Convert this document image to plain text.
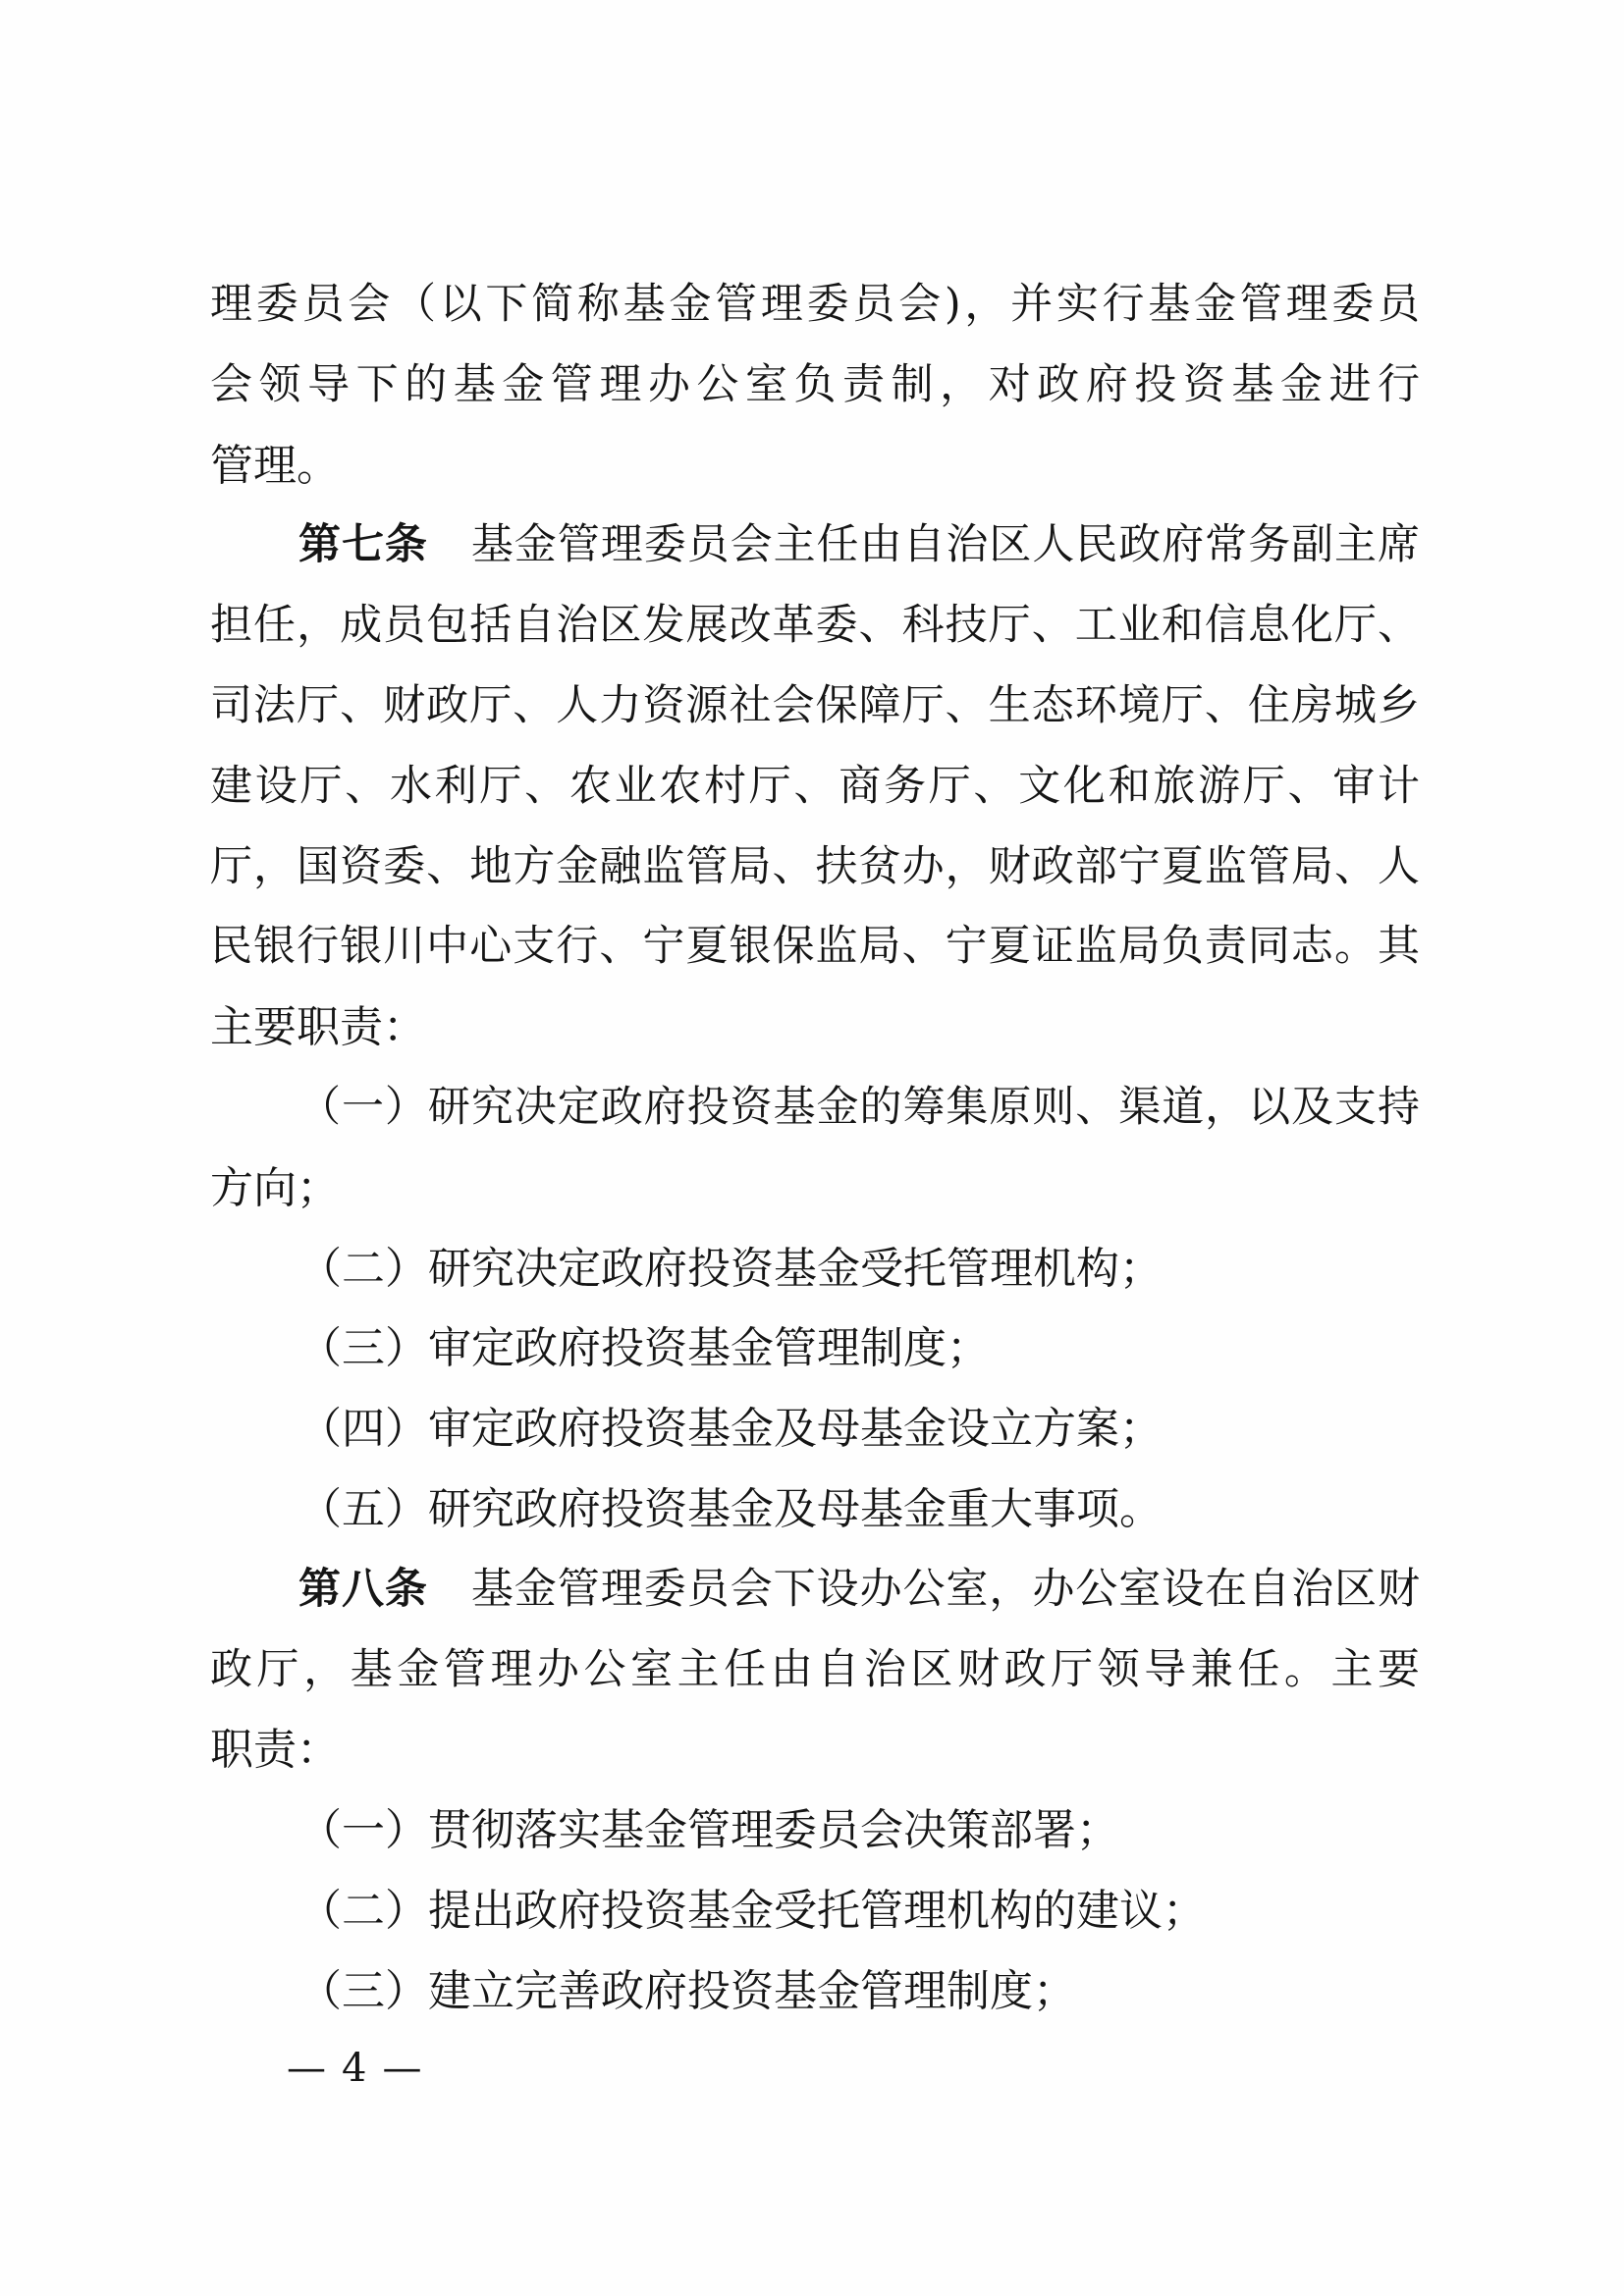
理委员会（以下简称基金管理委员会)，并实行基金管理委员
会领导下的基金管理办公室负责制，对政府投资基金进行
管理。
第七条　基金管理委员会主任由自治区人民政府常务副主席
担任，成员包括自治区发展改革委、科技厅、工业和信息化厅、
司法厅、财政厅、人力资源社会保障厅、生态环境厅、住房城乡
建设厅、水利厅、农业农村厅、商务厅、文化和旅游厅、审计
厅，国资委、地方金融监管局、扶贫办，财政部宁夏监管局、人
民银行银川中心支行、宁夏银保监局、宁夏证监局负责同志。其
主要职责：
（一）研究决定政府投资基金的筹集原则、渠道，以及支持
方向；
（二）研究决定政府投资基金受托管理机构；
（三）审定政府投资基金管理制度；
（四）审定政府投资基金及母基金设立方案；
（五）研究政府投资基金及母基金重大事项。
第八条　基金管理委员会下设办公室，办公室设在自治区财
政厅，基金管理办公室主任由自治区财政厅领导兼任。主要
职责：
（一）贯彻落实基金管理委员会决策部署；
（二）提出政府投资基金受托管理机构的建议；
（三）建立完善政府投资基金管理制度；
— 4 —
